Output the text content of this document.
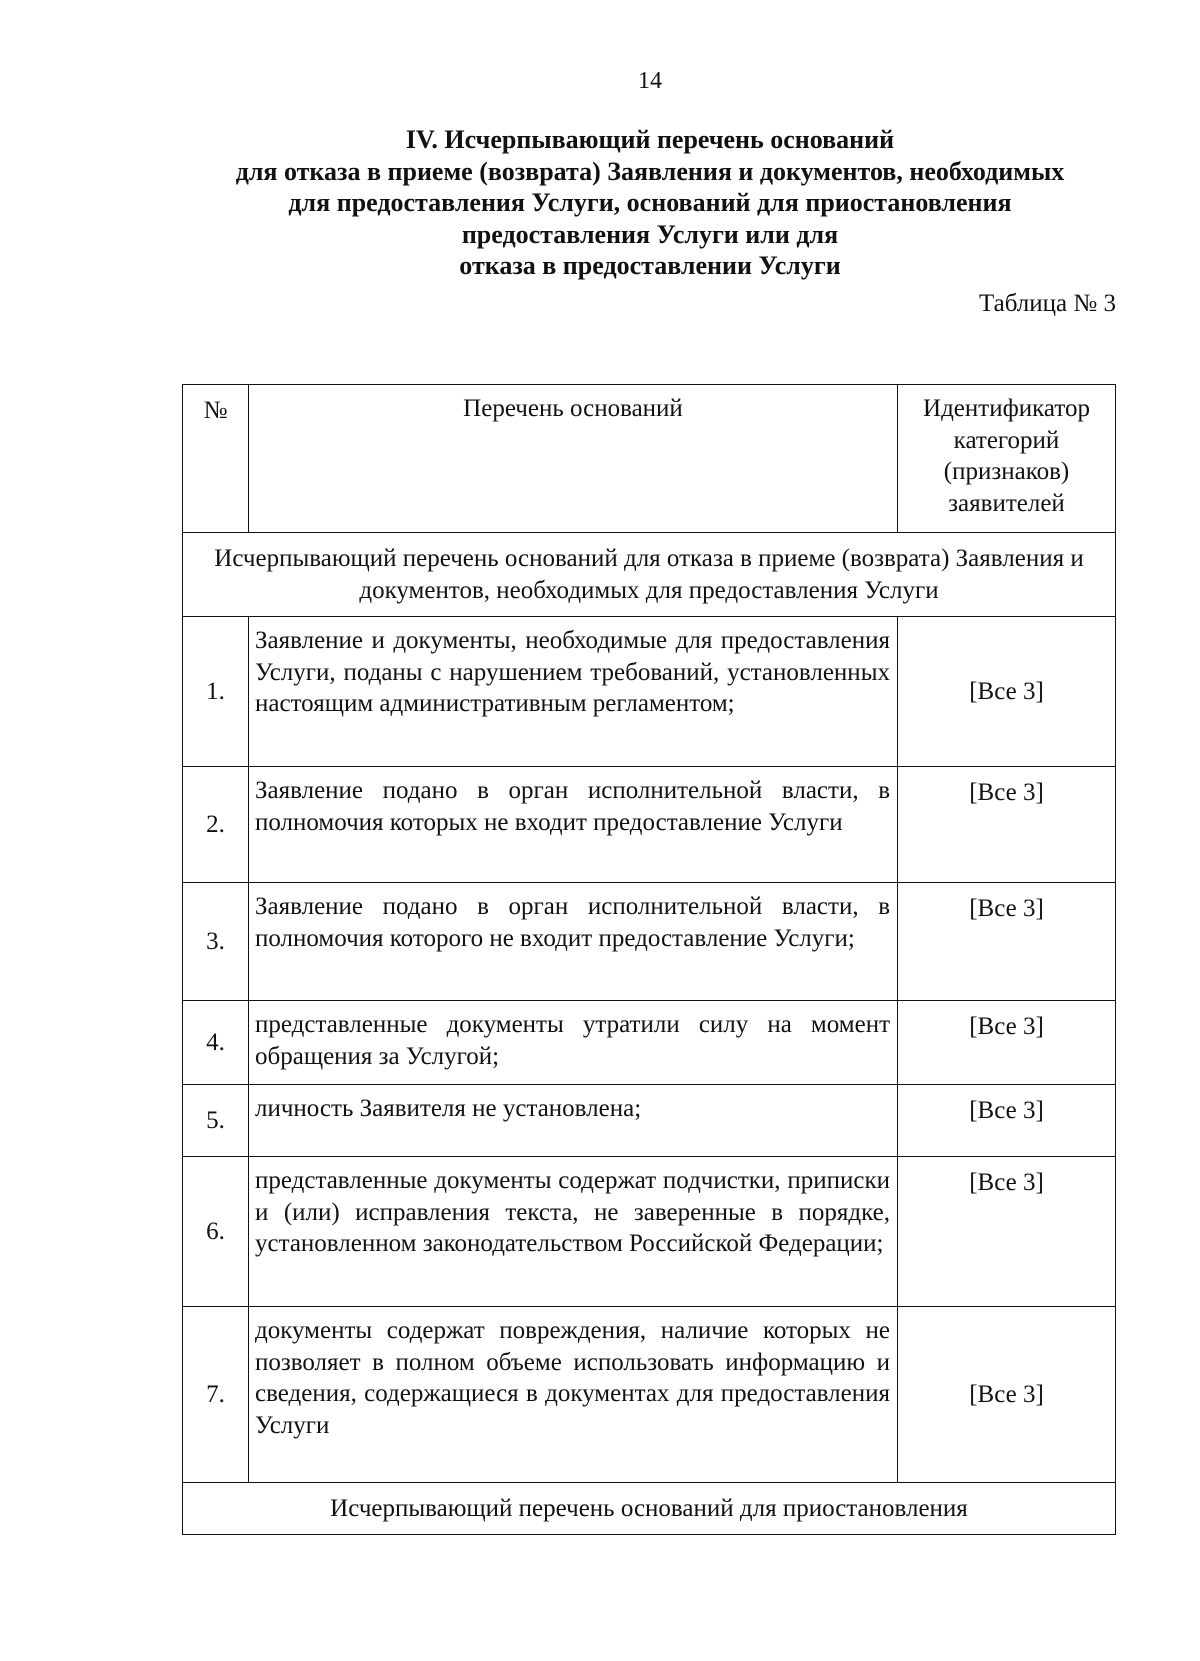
14
IV. Исчерпывающий перечень оснований
для отказа в приеме (возврата) Заявления и документов, необходимых
для предоставления Услуги, оснований для приостановления
предоставления Услуги или для
отказа в предоставлении Услуги
Таблица № 3
№	Перечень оснований	Идентификатор категорий (признаков) заявителей
Исчерпывающий перечень оснований для отказа в приеме (возврата) Заявления и документов, необходимых для предоставления Услуги		
1.	Заявление и документы, необходимые для предоставления Услуги, поданы с нарушением требований, установленных настоящим административным регламентом;	[Все 3]
2.	Заявление подано в орган исполнительной власти, в полномочия которых не входит предоставление Услуги	[Все 3]
3.	Заявление подано в орган исполнительной власти, в полномочия которого не входит предоставление Услуги;	[Все 3]
4.	представленные документы утратили силу на момент обращения за Услугой;	[Все 3]
5.	личность Заявителя не установлена;	[Все 3]
6.	представленные документы содержат подчистки, приписки и (или) исправления текста, не заверенные в порядке, установленном законодательством Российской Федерации;	[Все 3]
7.	документы содержат повреждения, наличие которых не позволяет в полном объеме использовать информацию и сведения, содержащиеся в документах для предоставления Услуги	[Все 3]
Исчерпывающий перечень оснований для приостановления		
